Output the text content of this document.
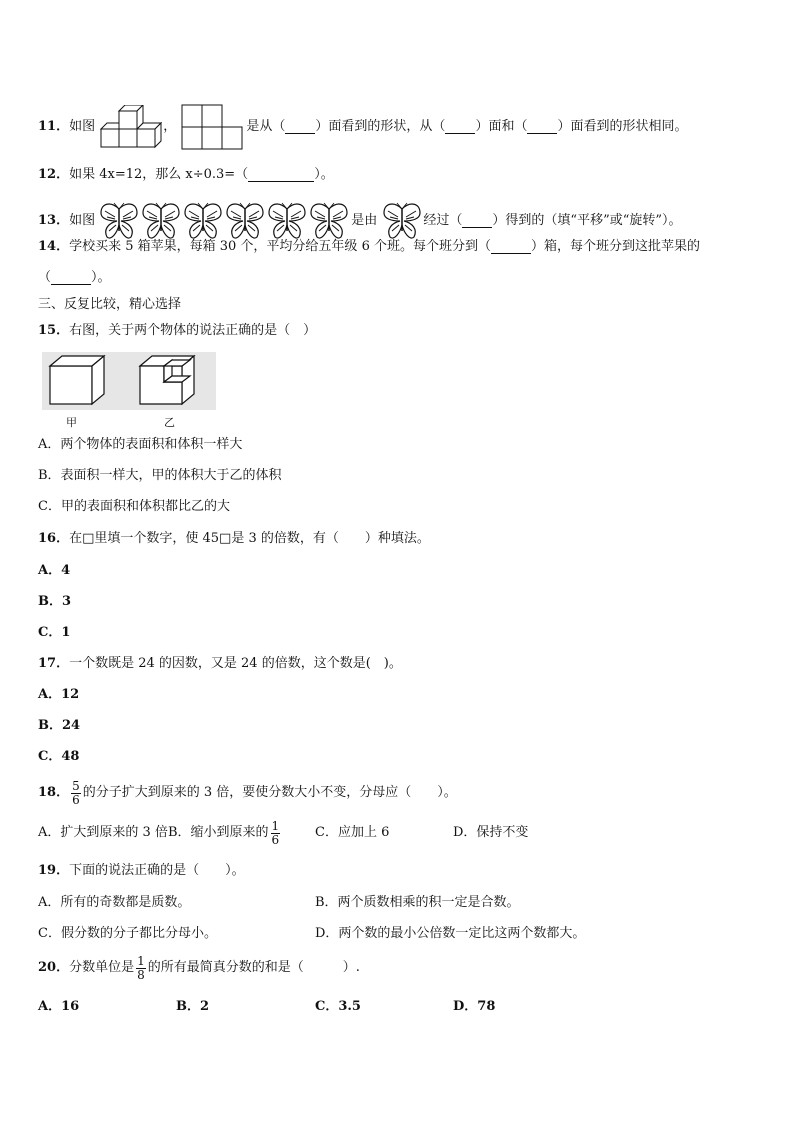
11．如图	，	是从（ ）面看到的形状，从（ ）面和（ ）面看到的形状相同。
12．如果 4x=12，那么 x÷0.3=（	）。
13．如图	是由	经过（ ）得到的（填“平移”或“旋转”）。
14．学校买来 5 箱苹果，每箱 30 个，平均分给五年级 6 个班。每个班分到（	）箱，每个班分到这批苹果的
（	）。
三、反复比较，精心选择
15．右图，关于两个物体的说法正确的是（　）
甲	乙
A．两个物体的表面积和体积一样大
B．表面积一样大，甲的体积大于乙的体积
C．甲的表面积和体积都比乙的大
16．在□里填一个数字，使 45□是 3 的倍数，有（　　）种填法。
A．4
B．3
C．1
17．一个数既是 24 的因数，又是 24 的倍数，这个数是(　)。
A．12
B．24
C．48
18． $\frac{5}{6}$ 的分子扩大到原来的 3 倍，要使分数大小不变，分母应（　　）。
A．扩大到原来的 3 倍B．缩小到原来的 $\frac{1}{6}$	C．应加上 6	D．保持不变
19．下面的说法正确的是（　　）。
A．所有的奇数都是质数。	B．两个质数相乘的积一定是合数。
C．假分数的分子都比分母小。	D．两个数的最小公倍数一定比这两个数都大。
20．分数单位是 $\frac{1}{8}$ 的所有最简真分数的和是（　　　）.
A．16	B．2	C．3.5	D．78
